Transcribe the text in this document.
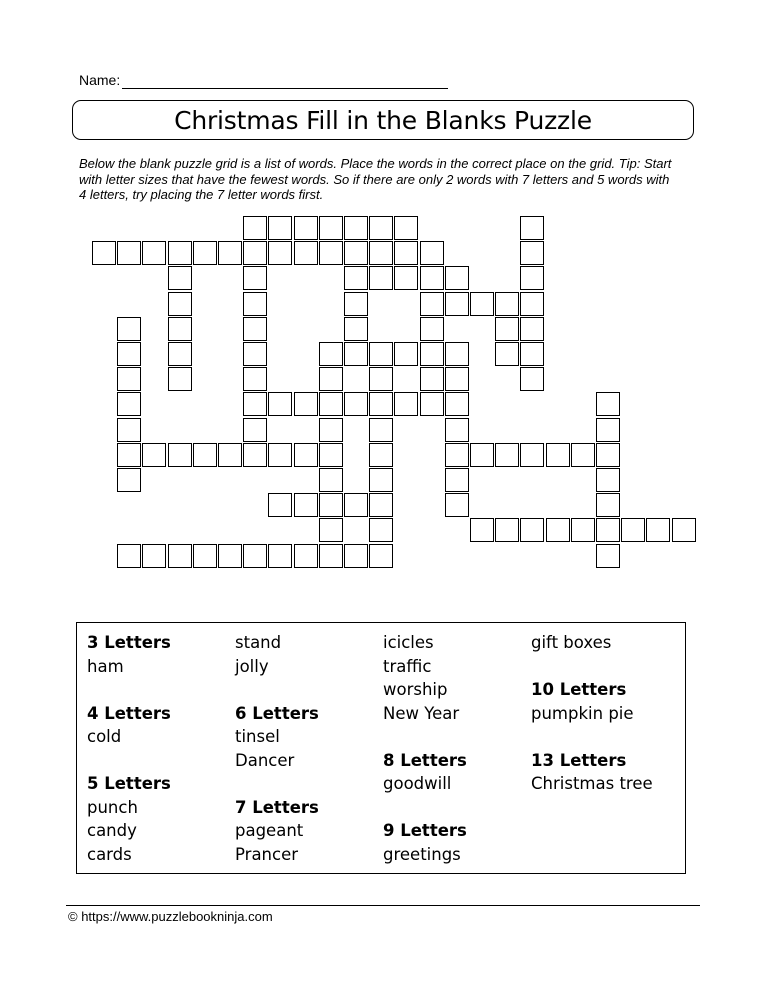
Name:
Christmas Fill in the Blanks Puzzle
Below the blank puzzle grid is a list of words. Place the words in the correct place on the grid. Tip: Start with letter sizes that have the fewest words. So if there are only 2 words with 7 letters and 5 words with 4 letters, try placing the 7 letter words first.
3 Letters
ham
4 Letters
cold
5 Letters
punch
candy
cards
stand
jolly
6 Letters
tinsel
Dancer
7 Letters
pageant
Prancer
icicles
traffic
worship
New Year
8 Letters
goodwill
9 Letters
greetings
gift boxes
10 Letters
pumpkin pie
13 Letters
Christmas tree
© https://www.puzzlebookninja.com
